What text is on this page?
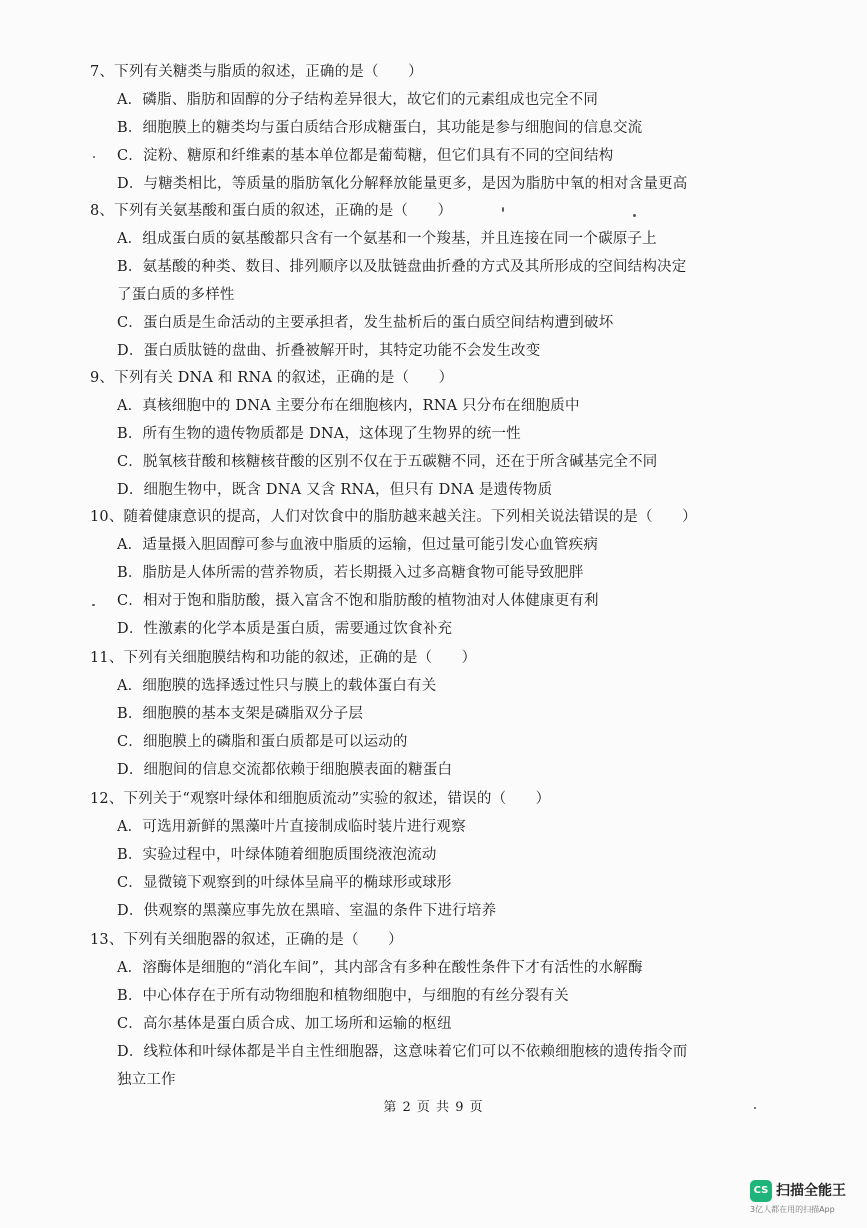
7、下列有关糖类与脂质的叙述，正确的是（　　）
A．磷脂、脂肪和固醇的分子结构差异很大，故它们的元素组成也完全不同
B．细胞膜上的糖类均与蛋白质结合形成糖蛋白，其功能是参与细胞间的信息交流
C．淀粉、糖原和纤维素的基本单位都是葡萄糖，但它们具有不同的空间结构
D．与糖类相比，等质量的脂肪氧化分解释放能量更多，是因为脂肪中氧的相对含量更高
8、下列有关氨基酸和蛋白质的叙述，正确的是（　　）
A．组成蛋白质的氨基酸都只含有一个氨基和一个羧基，并且连接在同一个碳原子上
B．氨基酸的种类、数目、排列顺序以及肽链盘曲折叠的方式及其所形成的空间结构决定
了蛋白质的多样性
C．蛋白质是生命活动的主要承担者，发生盐析后的蛋白质空间结构遭到破坏
D．蛋白质肽链的盘曲、折叠被解开时，其特定功能不会发生改变
9、下列有关 DNA 和 RNA 的叙述，正确的是（　　）
A．真核细胞中的 DNA 主要分布在细胞核内，RNA 只分布在细胞质中
B．所有生物的遗传物质都是 DNA，这体现了生物界的统一性
C．脱氧核苷酸和核糖核苷酸的区别不仅在于五碳糖不同，还在于所含碱基完全不同
D．细胞生物中，既含 DNA 又含 RNA，但只有 DNA 是遗传物质
10、随着健康意识的提高，人们对饮食中的脂肪越来越关注。下列相关说法错误的是（　　）
A．适量摄入胆固醇可参与血液中脂质的运输，但过量可能引发心血管疾病
B．脂肪是人体所需的营养物质，若长期摄入过多高糖食物可能导致肥胖
C．相对于饱和脂肪酸，摄入富含不饱和脂肪酸的植物油对人体健康更有利
D．性激素的化学本质是蛋白质，需要通过饮食补充
11、下列有关细胞膜结构和功能的叙述，正确的是（　　）
A．细胞膜的选择透过性只与膜上的载体蛋白有关
B．细胞膜的基本支架是磷脂双分子层
C．细胞膜上的磷脂和蛋白质都是可以运动的
D．细胞间的信息交流都依赖于细胞膜表面的糖蛋白
12、下列关于“观察叶绿体和细胞质流动”实验的叙述，错误的（　　）
A．可选用新鲜的黑藻叶片直接制成临时装片进行观察
B．实验过程中，叶绿体随着细胞质围绕液泡流动
C．显微镜下观察到的叶绿体呈扁平的椭球形或球形
D．供观察的黑藻应事先放在黑暗、室温的条件下进行培养
13、下列有关细胞器的叙述，正确的是（　　）
A．溶酶体是细胞的“消化车间”，其内部含有多种在酸性条件下才有活性的水解酶
B．中心体存在于所有动物细胞和植物细胞中，与细胞的有丝分裂有关
C．高尔基体是蛋白质合成、加工场所和运输的枢纽
D．线粒体和叶绿体都是半自主性细胞器，这意味着它们可以不依赖细胞核的遗传指令而
独立工作
第 2 页 共 9 页
CS 扫描全能王
3亿人都在用的扫描App
